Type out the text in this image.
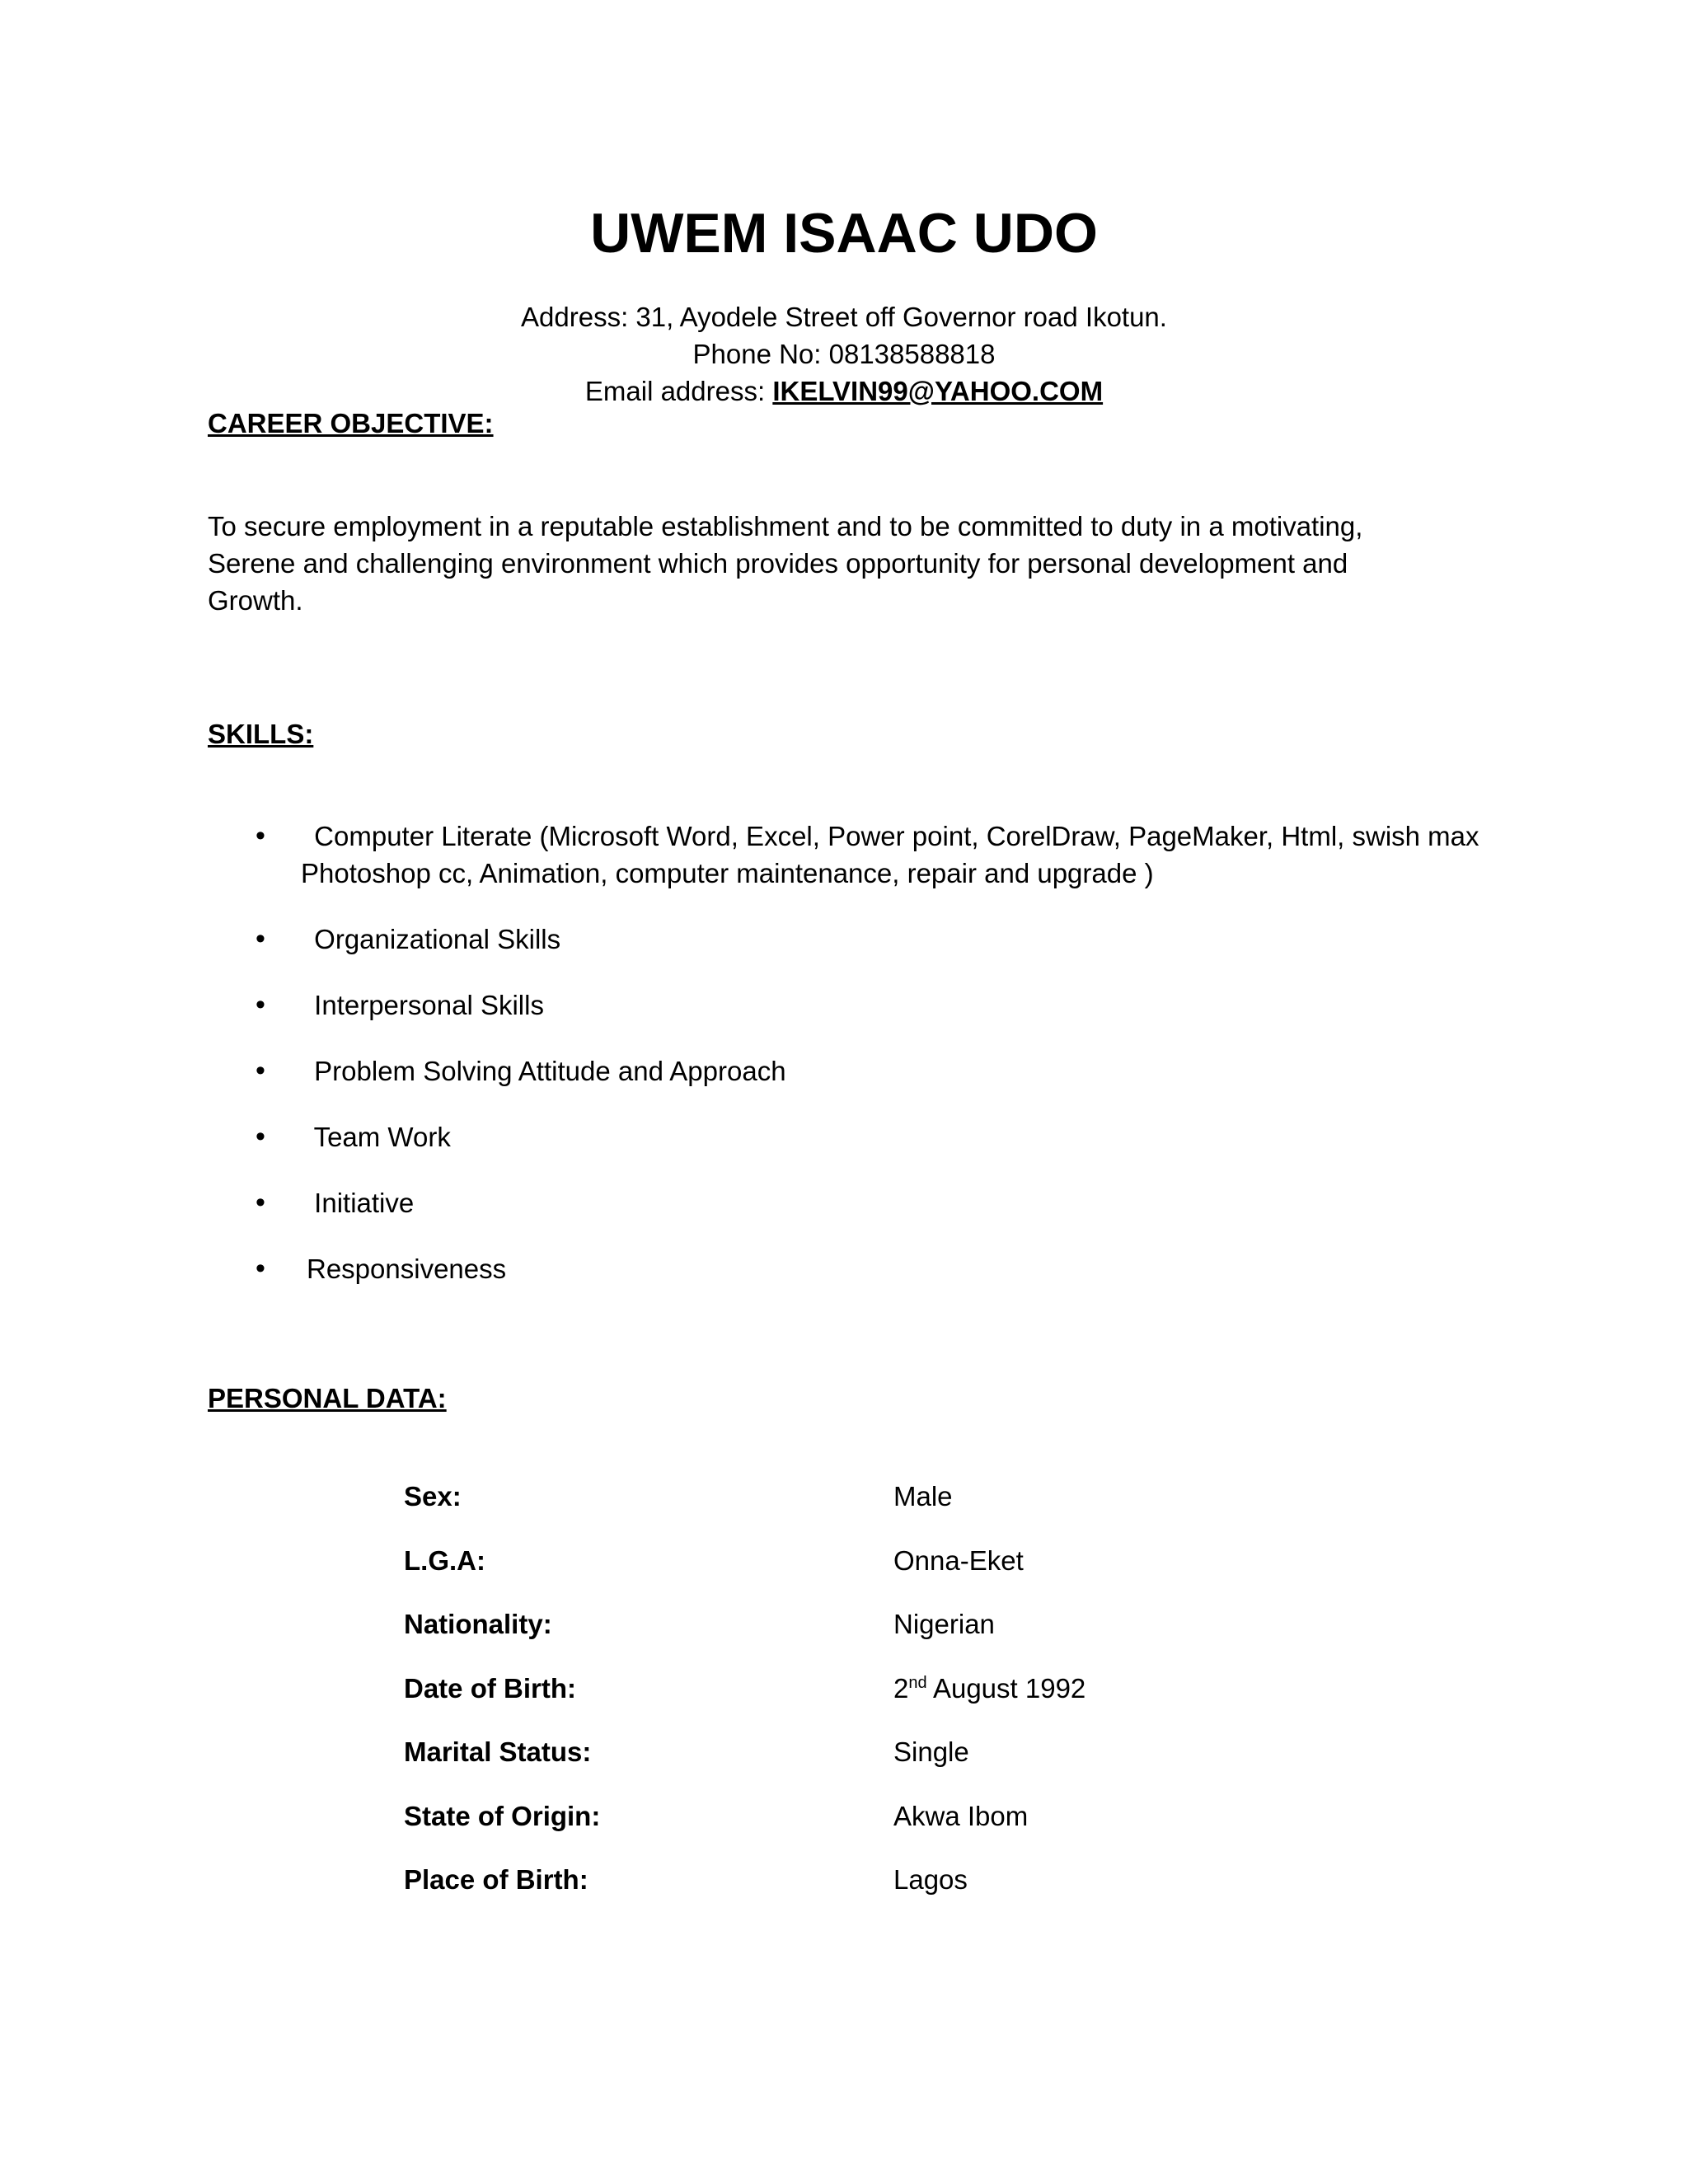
UWEM ISAAC UDO
Address: 31, Ayodele Street off Governor road Ikotun.
Phone No: 08138588818
Email address: IKELVIN99@YAHOO.COM
CAREER OBJECTIVE:

To secure employment in a reputable establishment and to be committed to duty in a motivating,
Serene and challenging environment which provides opportunity for personal development and
Growth.

SKILLS:
• Computer Literate (Microsoft Word, Excel, Power point, CorelDraw, PageMaker, Html, swish max
Photoshop cc, Animation, computer maintenance, repair and upgrade )
• Organizational Skills
• Interpersonal Skills
• Problem Solving Attitude and Approach
• Team Work
• Initiative
• Responsiveness
PERSONAL DATA:
Sex:	Male
L.G.A:	Onna-Eket
Nationality:	Nigerian
Date of Birth:	2nd August 1992
Marital Status:	Single
State of Origin:	Akwa Ibom
Place of Birth:	Lagos
